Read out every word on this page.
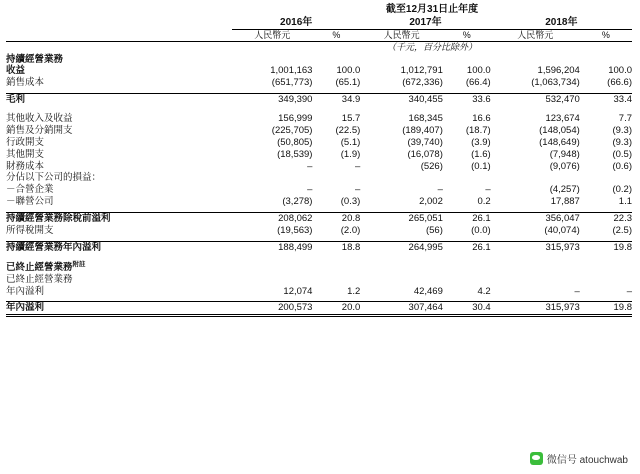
	截至12月31日止年度					
	2016年		2017年		2018年	
	人民幣元	%	人民幣元	%	人民幣元	%
	（千元，百分比除外）					
持續經營業務						
收益	1,001,163	100.0	1,012,791	100.0	1,596,204	100.0
銷售成本	(651,773)	(65.1)	(672,336)	(66.4)	(1,063,734)	(66.6)

毛利	349,390	34.9	340,455	33.6	532,470	33.4

其他收入及收益	156,999	15.7	168,345	16.6	123,674	7.7
銷售及分銷開支	(225,705)	(22.5)	(189,407)	(18.7)	(148,054)	(9.3)
行政開支	(50,805)	(5.1)	(39,740)	(3.9)	(148,649)	(9.3)
其他開支	(18,539)	(1.9)	(16,078)	(1.6)	(7,948)	(0.5)
財務成本	–	–	(526)	(0.1)	(9,076)	(0.6)
分佔以下公司的損益：						
－合營企業	–	–	–	–	(4,257)	(0.2)
－聯營公司	(3,278)	(0.3)	2,002	0.2	17,887	1.1

持續經營業務除稅前溢利	208,062	20.8	265,051	26.1	356,047	22.3
所得稅開支	(19,563)	(2.0)	(56)	(0.0)	(40,074)	(2.5)

持續經營業務年內溢利	188,499	18.8	264,995	26.1	315,973	19.8

已終止經營業務$^{附註}$						
已終止經營業務						
年內溢利	12,074	1.2	42,469	4.2	–	–

年內溢利	200,573	20.0	307,464	30.4	315,973	19.8
微信号 atouchwab
